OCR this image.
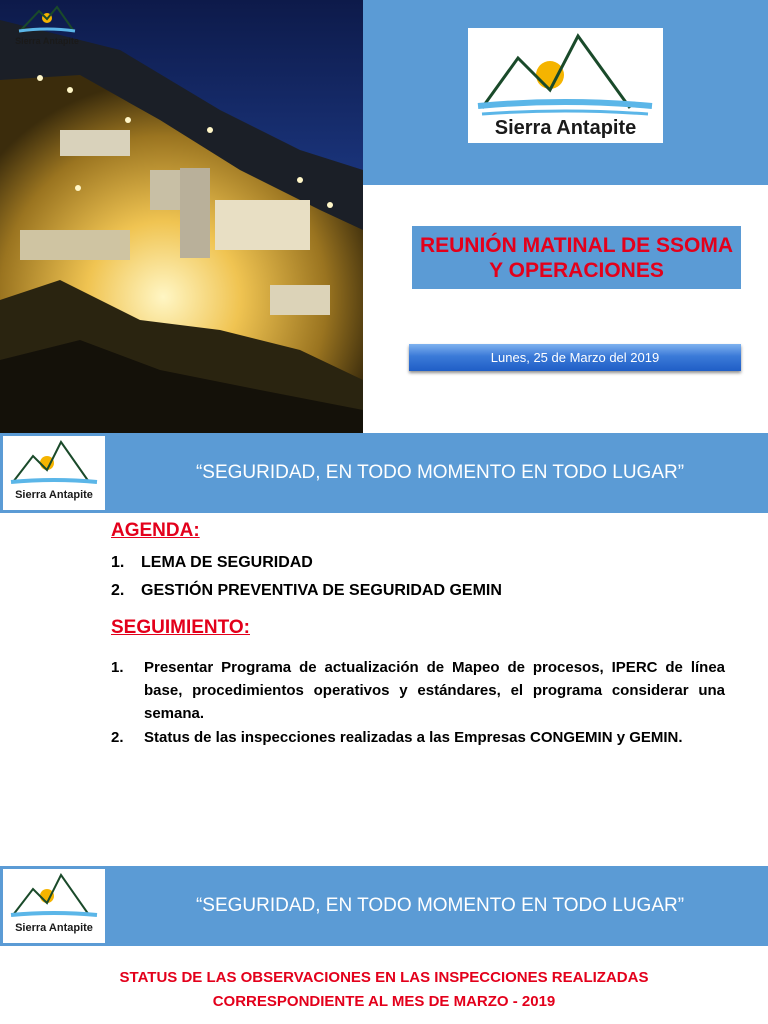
Sierra Antapite
Sierra Antapite
REUNIÓN MATINAL DE SSOMA Y OPERACIONES
Lunes, 25 de Marzo del 2019
Sierra Antapite
“SEGURIDAD, EN TODO MOMENTO EN TODO LUGAR”
AGENDA:
1.	LEMA DE SEGURIDAD
2.	GESTIÓN PREVENTIVA DE SEGURIDAD GEMIN
SEGUIMIENTO:
1.	Presentar Programa de actualización de Mapeo de procesos, IPERC de línea base, procedimientos operativos y estándares, el programa considerar una semana.
2.	Status de las inspecciones realizadas a las Empresas CONGEMIN y GEMIN.
Sierra Antapite
“SEGURIDAD, EN TODO MOMENTO EN TODO LUGAR”
STATUS DE LAS OBSERVACIONES EN LAS INSPECCIONES REALIZADAS
CORRESPONDIENTE AL MES DE MARZO - 2019
